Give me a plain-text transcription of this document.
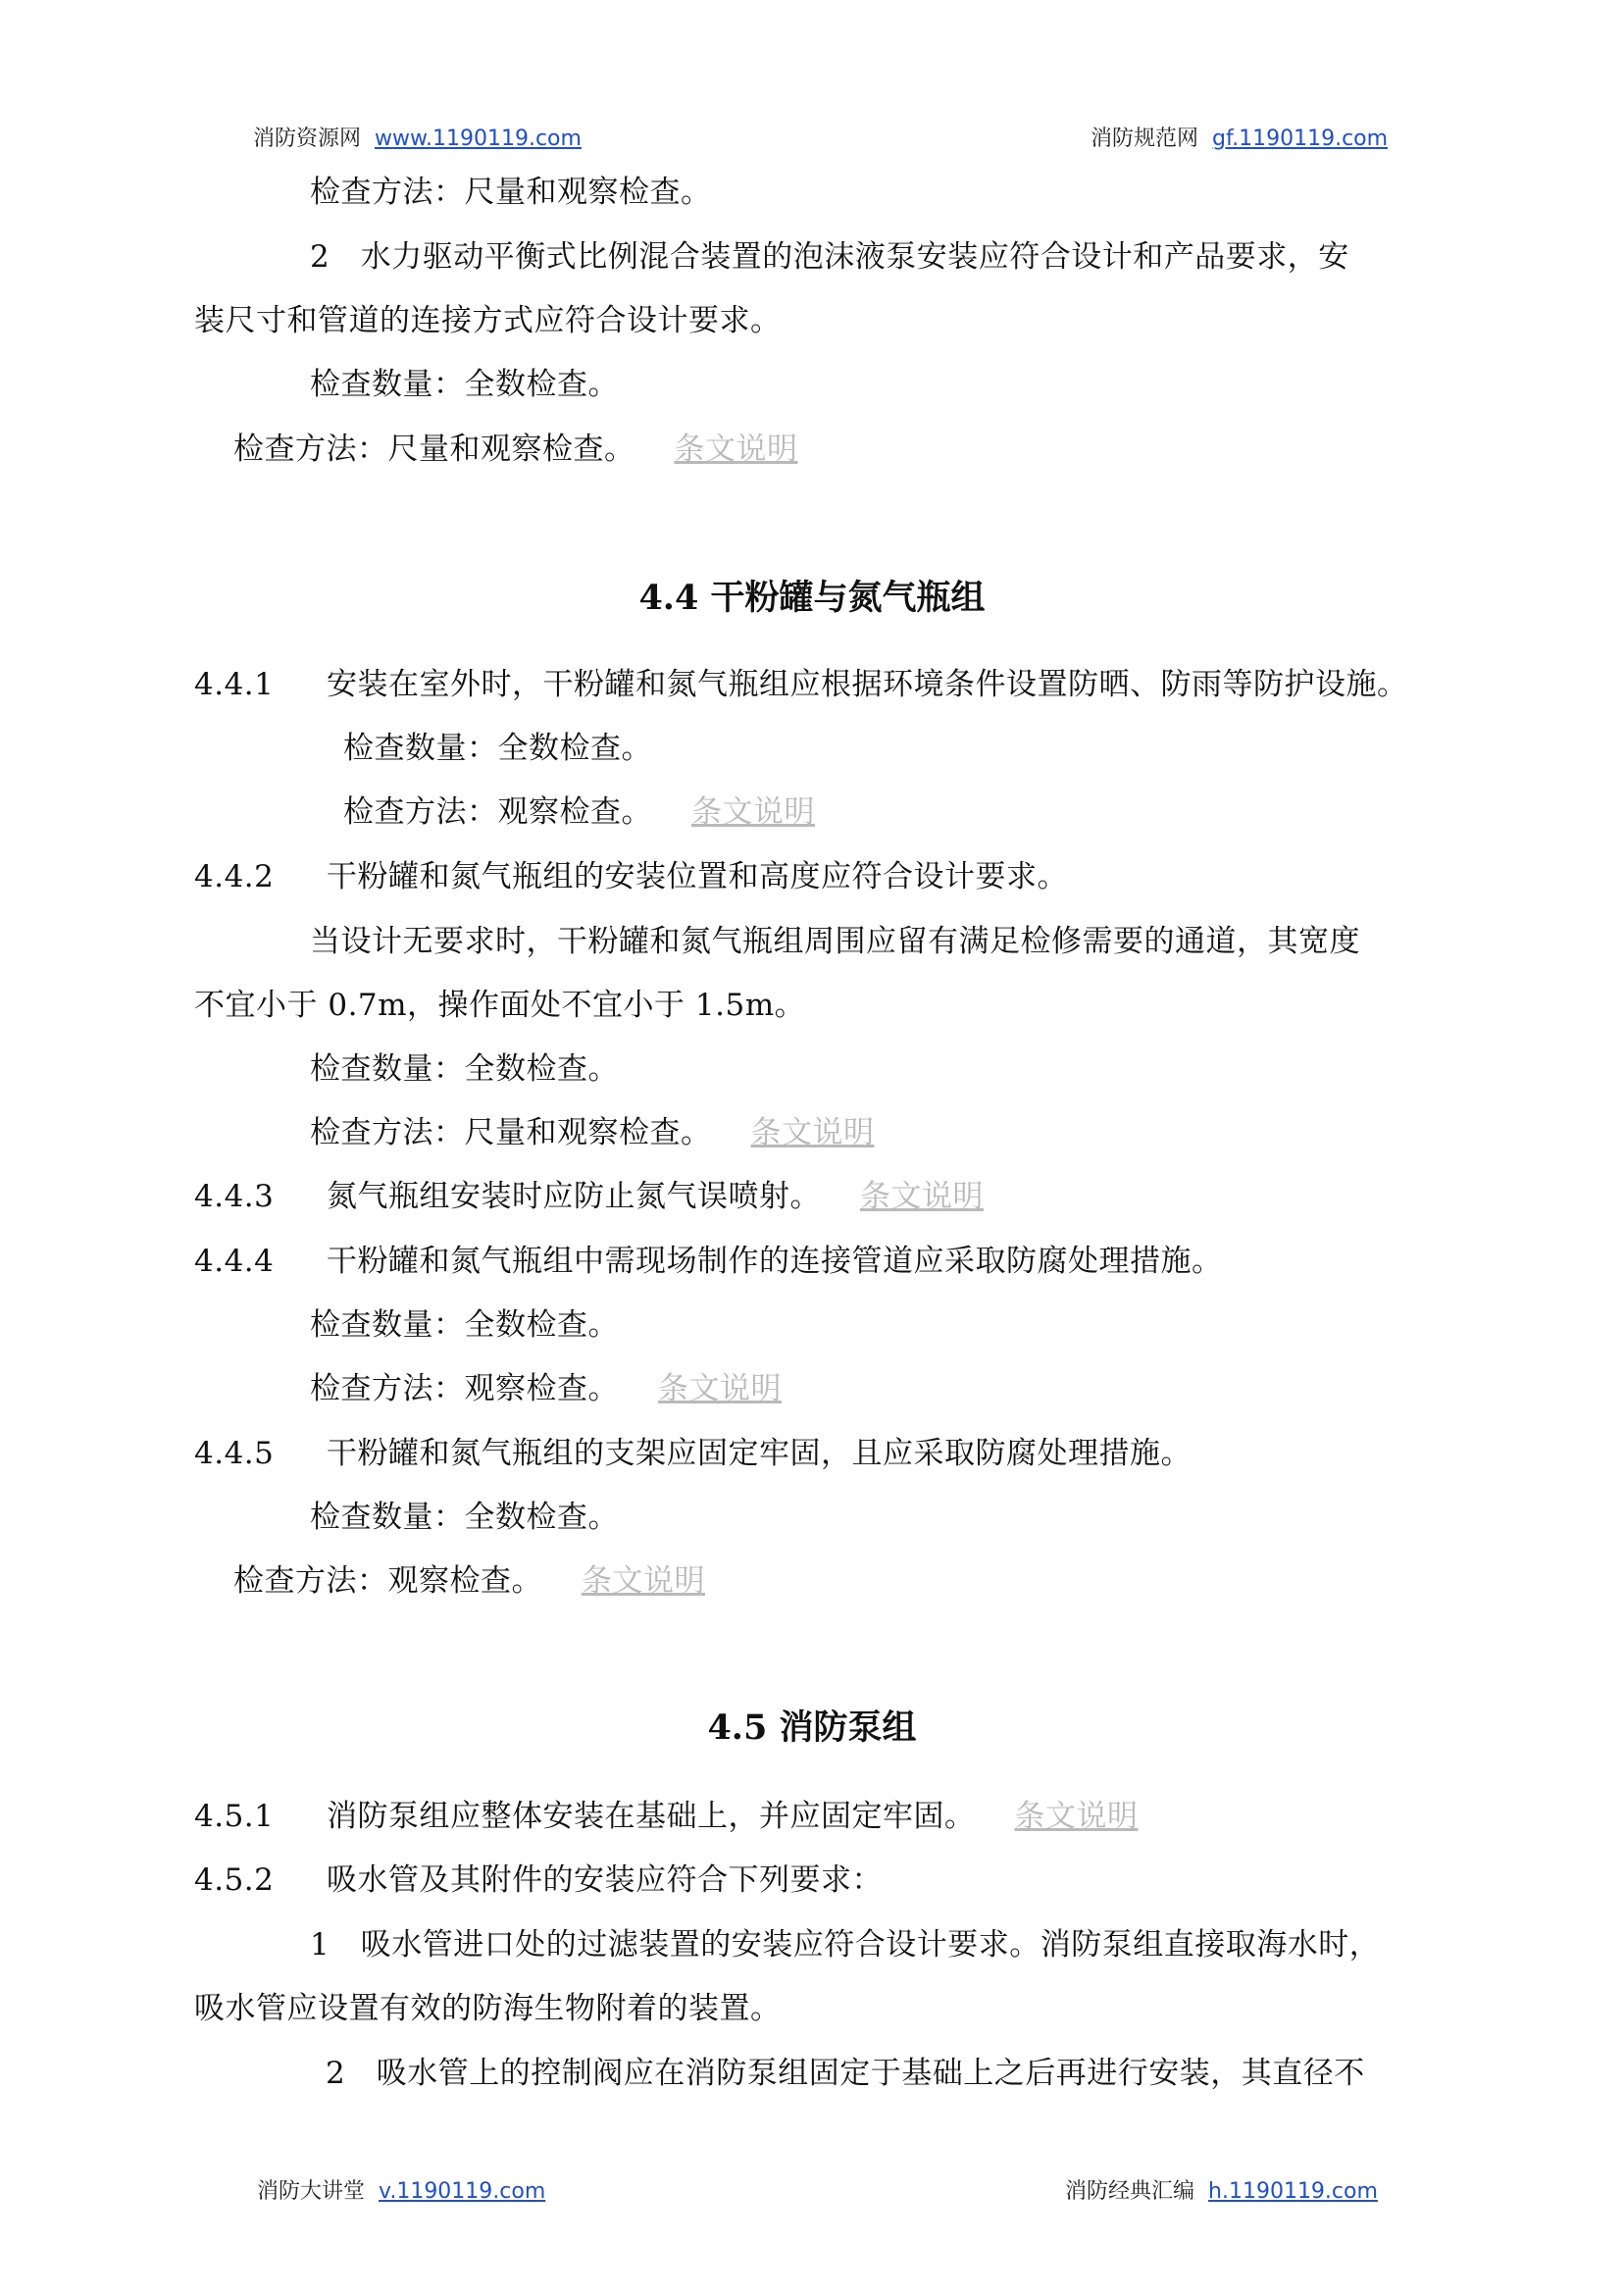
消防资源网 www.1190119.com	消防规范网 gf.1190119.com
检查方法：尺量和观察检查。
2　水力驱动平衡式比例混合装置的泡沫液泵安装应符合设计和产品要求，安
装尺寸和管道的连接方式应符合设计要求。
检查数量：全数检查。
检查方法：尺量和观察检查。 条文说明
4.4 干粉罐与氮气瓶组
4.4.1 安装在室外时，干粉罐和氮气瓶组应根据环境条件设置防晒、防雨等防护设施。
检查数量：全数检查。
检查方法：观察检查。 条文说明
4.4.2 干粉罐和氮气瓶组的安装位置和高度应符合设计要求。
当设计无要求时，干粉罐和氮气瓶组周围应留有满足检修需要的通道，其宽度
不宜小于 0.7m，操作面处不宜小于 1.5m。
检查数量：全数检查。
检查方法：尺量和观察检查。 条文说明
4.4.3 氮气瓶组安装时应防止氮气误喷射。 条文说明
4.4.4 干粉罐和氮气瓶组中需现场制作的连接管道应采取防腐处理措施。
检查数量：全数检查。
检查方法：观察检查。 条文说明
4.4.5 干粉罐和氮气瓶组的支架应固定牢固，且应采取防腐处理措施。
检查数量：全数检查。
检查方法：观察检查。 条文说明
4.5 消防泵组
4.5.1 消防泵组应整体安装在基础上，并应固定牢固。 条文说明
4.5.2 吸水管及其附件的安装应符合下列要求：
1　吸水管进口处的过滤装置的安装应符合设计要求。消防泵组直接取海水时，
吸水管应设置有效的防海生物附着的装置。
2　吸水管上的控制阀应在消防泵组固定于基础上之后再进行安装，其直径不
消防大讲堂 v.1190119.com	消防经典汇编 h.1190119.com
